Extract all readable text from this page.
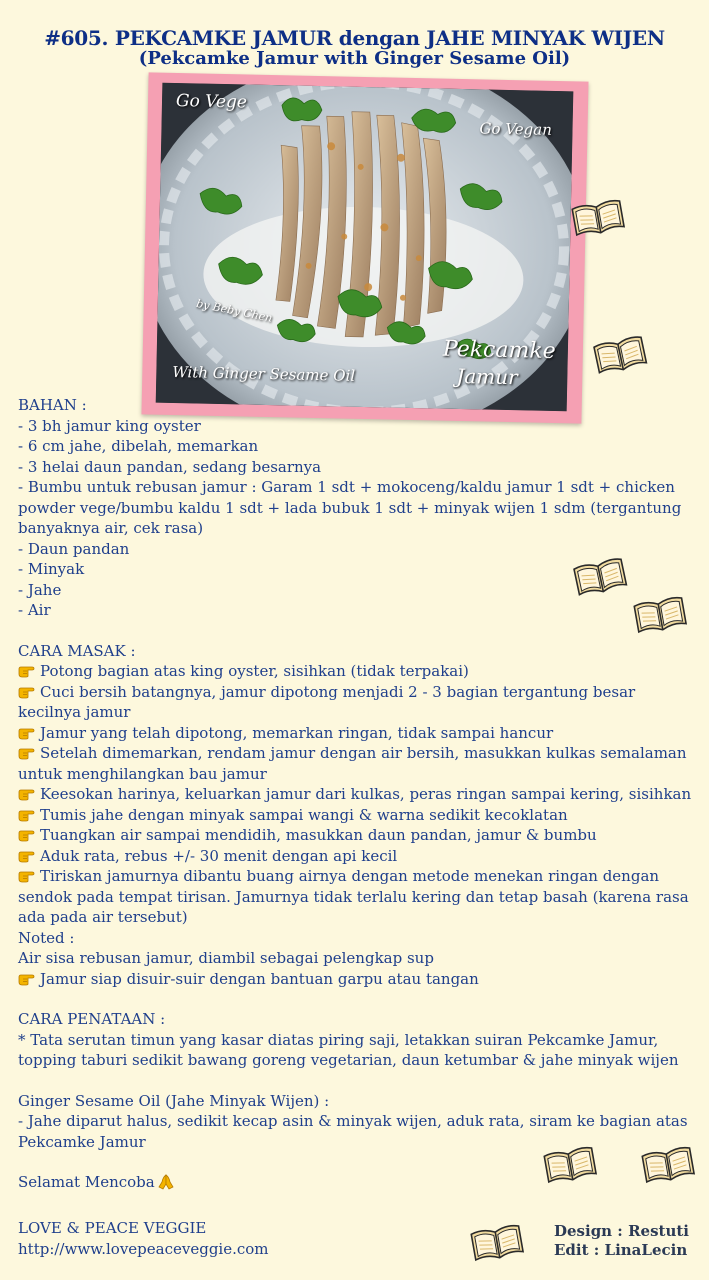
#605. PEKCAMKE JAMUR dengan JAHE MINYAK WIJEN
(Pekcamke Jamur with Ginger Sesame Oil)
Go Vege
Go Vegan
by Beby Chen
Pekcamke
Jamur
With Ginger Sesame Oil

BAHAN :

- 3 bh jamur king oyster

- 6 cm jahe, dibelah, memarkan

- 3 helai daun pandan, sedang besarnya

- Bumbu untuk rebusan jamur : Garam 1 sdt + mokoceng/kaldu jamur 1 sdt + chicken powder vege/bumbu kaldu 1 sdt + lada bubuk 1 sdt + minyak wijen 1 sdm (tergantung banyaknya air, cek rasa)

- Daun pandan

- Minyak

- Jahe

- Air

CARA MASAK :

Potong bagian atas king oyster, sisihkan (tidak terpakai)

Cuci bersih batangnya, jamur dipotong menjadi 2 - 3 bagian tergantung besar kecilnya jamur

Jamur yang telah dipotong, memarkan ringan, tidak sampai hancur

Setelah dimemarkan, rendam jamur dengan air bersih, masukkan kulkas semalaman untuk menghilangkan bau jamur

Keesokan harinya, keluarkan jamur dari kulkas, peras ringan sampai kering, sisihkan

Tumis jahe dengan minyak sampai wangi & warna sedikit kecoklatan

Tuangkan air sampai mendidih, masukkan daun pandan, jamur & bumbu

Aduk rata, rebus +/- 30 menit dengan api kecil

Tiriskan jamurnya dibantu buang airnya dengan metode menekan ringan dengan sendok pada tempat tirisan. Jamurnya tidak terlalu kering dan tetap basah (karena rasa ada pada air tersebut)

Noted :

Air sisa rebusan jamur, diambil sebagai pelengkap sup

Jamur siap disuir-suir dengan bantuan garpu atau tangan

CARA PENATAAN :

* Tata serutan timun yang kasar diatas piring saji, letakkan suiran Pekcamke Jamur, topping taburi sedikit bawang goreng vegetarian, daun ketumbar & jahe minyak wijen

Ginger Sesame Oil (Jahe Minyak Wijen) :

- Jahe diparut halus, sedikit kecap asin & minyak wijen, aduk rata, siram ke bagian atas Pekcamke Jamur

Selamat Mencoba

LOVE & PEACE VEGGIE
http://www.lovepeaceveggie.com
Design : Restuti
Edit : LinaLecin
